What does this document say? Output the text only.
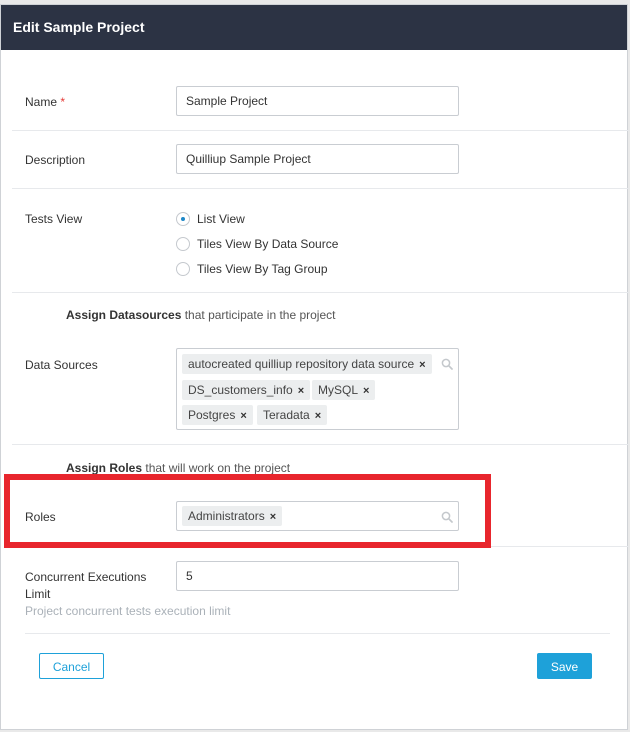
Edit Sample Project
Name *
Sample Project
Description
Quilliup Sample Project
Tests View	List View
Tiles View By Data Source
Tiles View By Tag Group
Assign Datasources that participate in the project
Data Sources	autocreated quilliup repository data source ×
DS_customers_info ×	MySQL ×
Postgres ×	Teradata ×
Assign Roles that will work on the project
Roles	Administrators ×
Concurrent Executions Limit
5
Project concurrent tests execution limit
Cancel	Save
